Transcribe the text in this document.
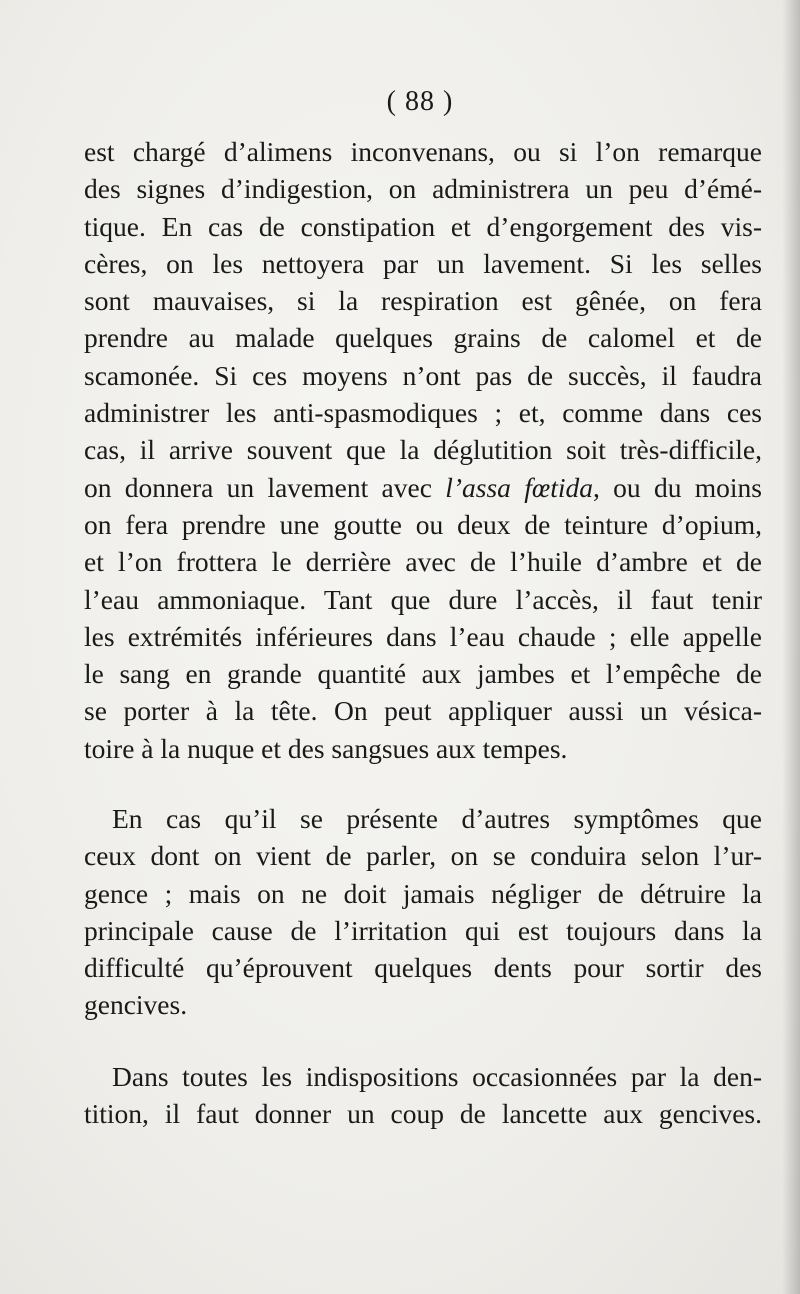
( 88 )
est chargé d’alimens inconvenans, ou si l’on remarque
des signes d’indigestion, on administrera un peu d’émé-
tique. En cas de constipation et d’engorgement des vis-
cères, on les nettoyera par un lavement. Si les selles
sont mauvaises, si la respiration est gênée, on fera
prendre au malade quelques grains de calomel et de
scamonée. Si ces moyens n’ont pas de succès, il faudra
administrer les anti-spasmodiques ; et, comme dans ces
cas, il arrive souvent que la déglutition soit très-difficile,
on donnera un lavement avec l’assa fœtida, ou du moins
on fera prendre une goutte ou deux de teinture d’opium,
et l’on frottera le derrière avec de l’huile d’ambre et de
l’eau ammoniaque. Tant que dure l’accès, il faut tenir
les extrémités inférieures dans l’eau chaude ; elle appelle
le sang en grande quantité aux jambes et l’empêche de
se porter à la tête. On peut appliquer aussi un vésica-
toire à la nuque et des sangsues aux tempes.
En cas qu’il se présente d’autres symptômes que
ceux dont on vient de parler, on se conduira selon l’ur-
gence ; mais on ne doit jamais négliger de détruire la
principale cause de l’irritation qui est toujours dans la
difficulté qu’éprouvent quelques dents pour sortir des
gencives.
Dans toutes les indispositions occasionnées par la den-
tition, il faut donner un coup de lancette aux gencives.
